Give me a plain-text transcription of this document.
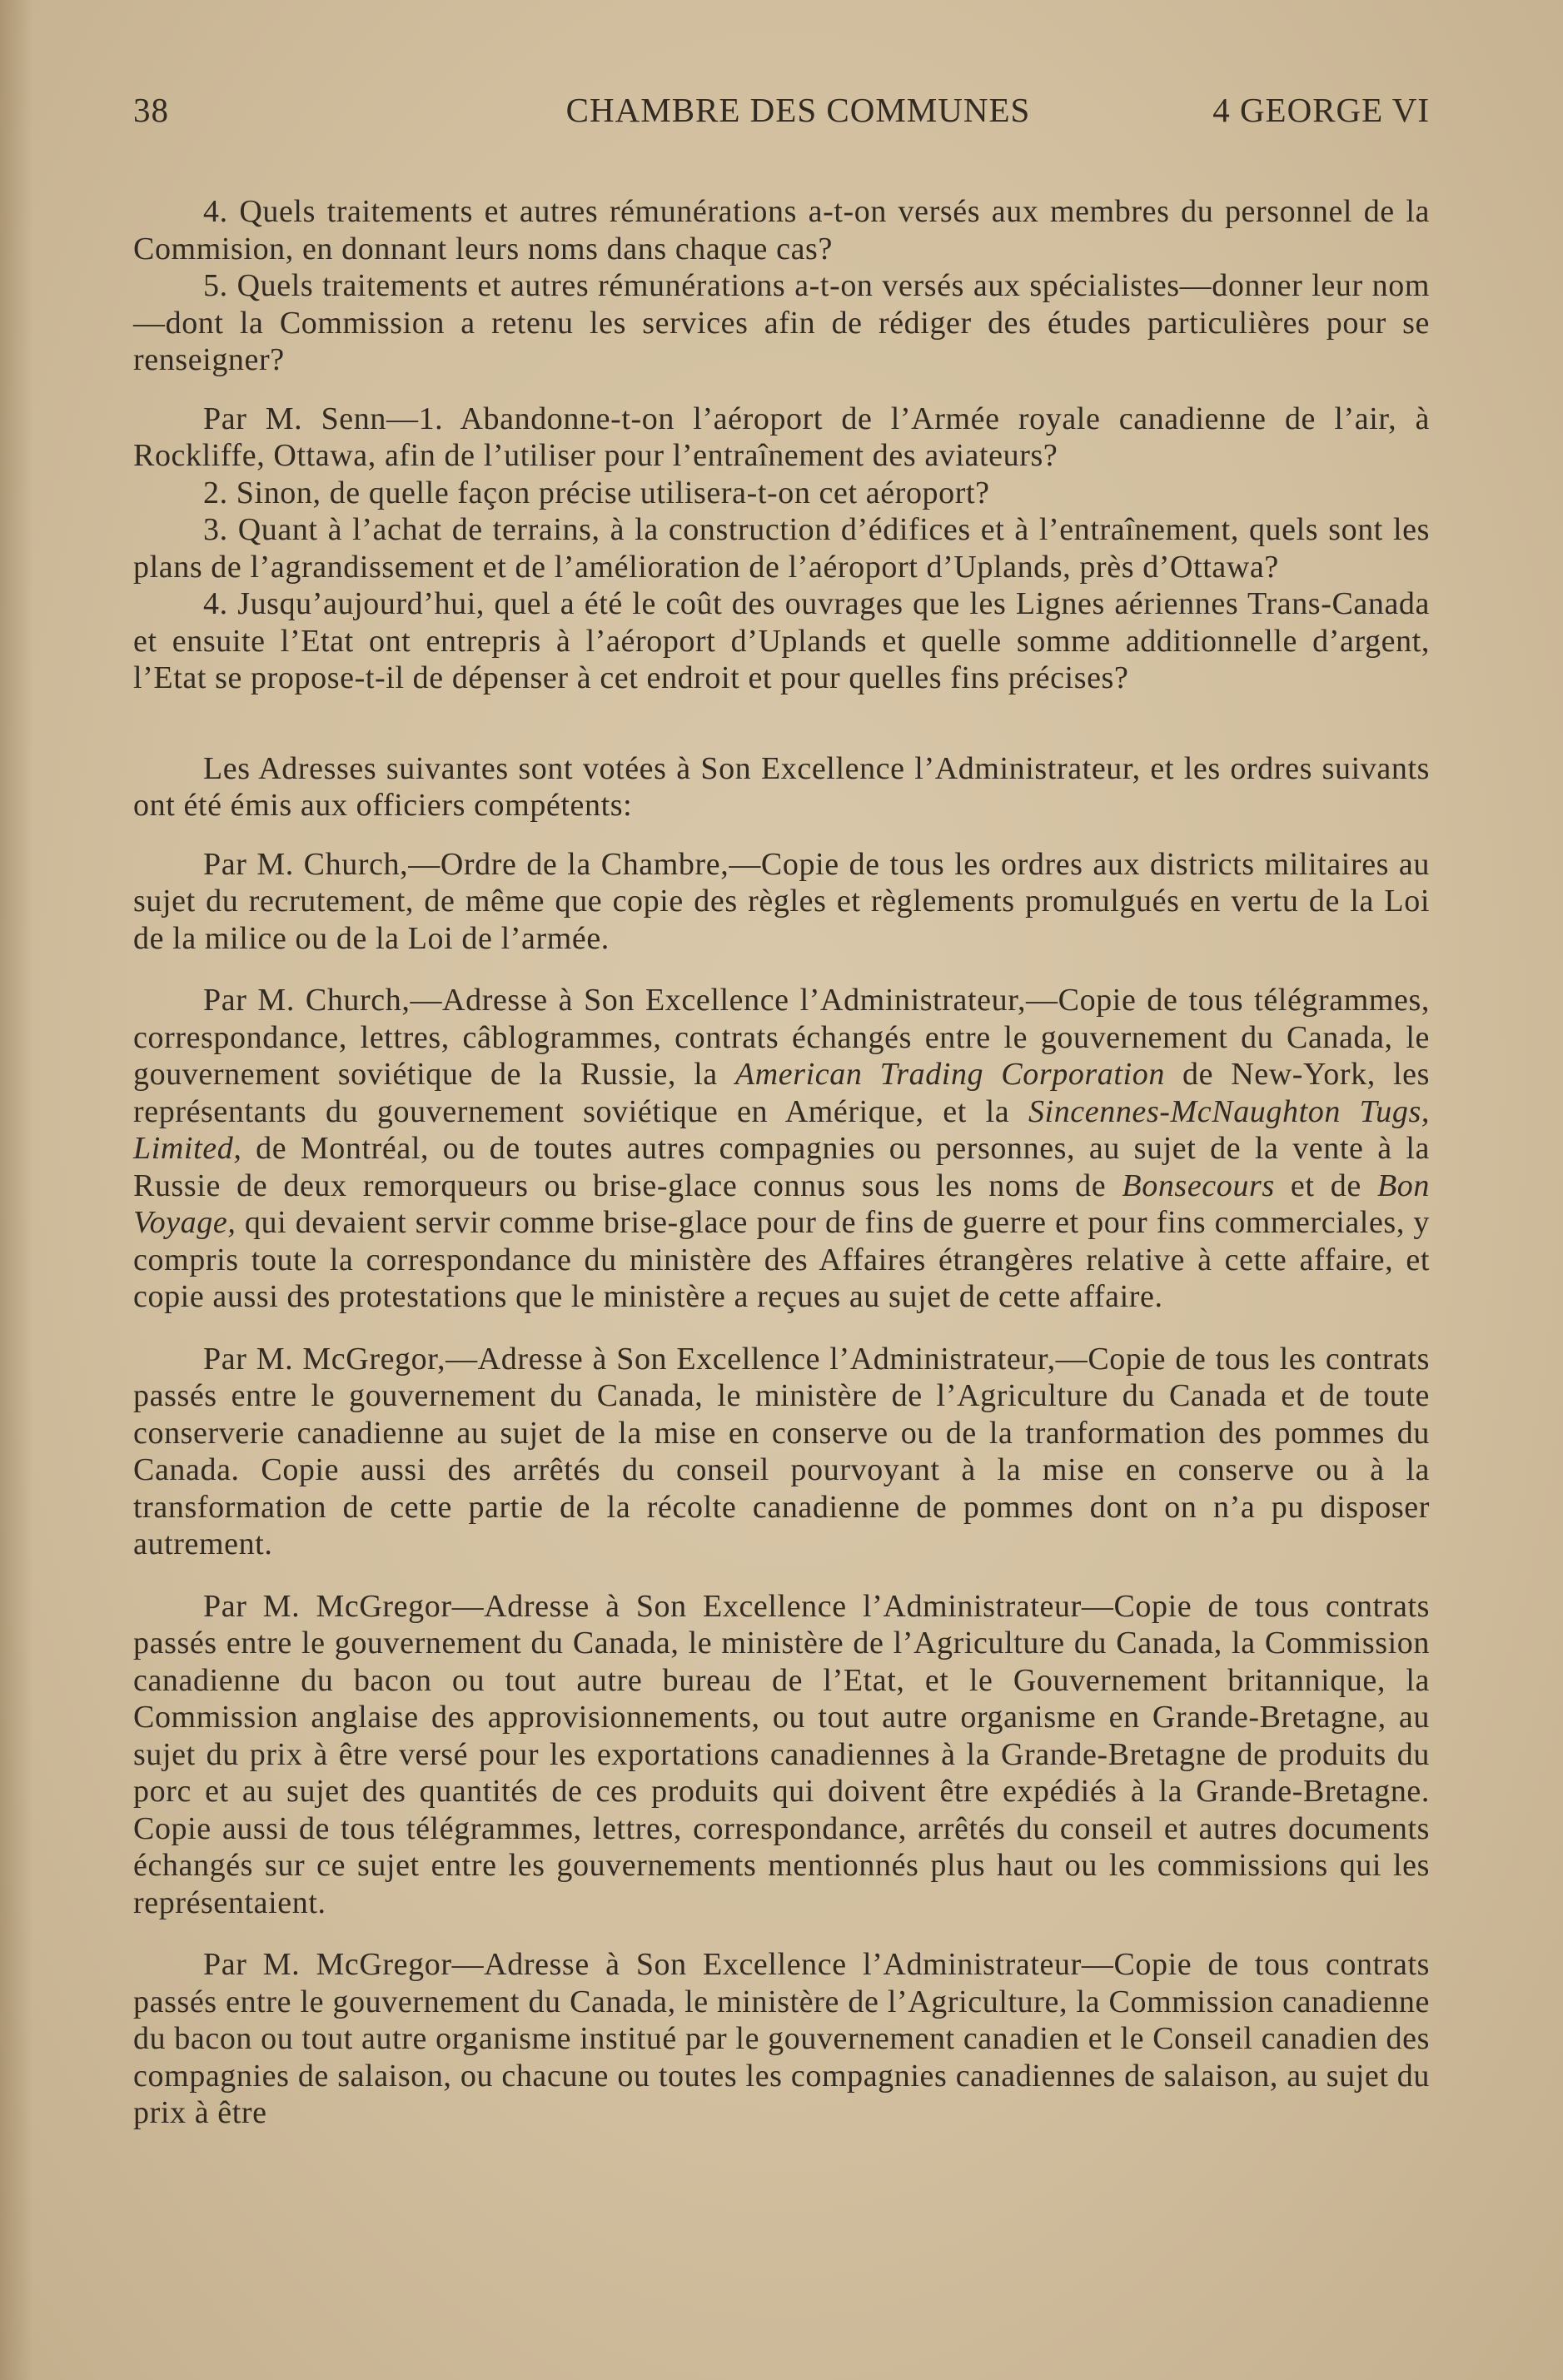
38	CHAMBRE DES COMMUNES	4 GEORGE VI

4. Quels traitements et autres rémunérations a-t-on versés aux membres du personnel de la Commision, en donnant leurs noms dans chaque cas?

5. Quels traitements et autres rémunérations a-t-on versés aux spécialistes—donner leur nom—dont la Commission a retenu les services afin de rédiger des études particulières pour se renseigner?

Par M. Senn—1. Abandonne-t-on l’aéroport de l’Armée royale canadienne de l’air, à Rockliffe, Ottawa, afin de l’utiliser pour l’entraînement des aviateurs?

2. Sinon, de quelle façon précise utilisera-t-on cet aéroport?

3. Quant à l’achat de terrains, à la construction d’édifices et à l’entraînement, quels sont les plans de l’agrandissement et de l’amélioration de l’aéroport d’Uplands, près d’Ottawa?

4. Jusqu’aujourd’hui, quel a été le coût des ouvrages que les Lignes aériennes Trans-Canada et ensuite l’Etat ont entrepris à l’aéroport d’Uplands et quelle somme additionnelle d’argent, l’Etat se propose-t-il de dépenser à cet endroit et pour quelles fins précises?

Les Adresses suivantes sont votées à Son Excellence l’Administrateur, et les ordres suivants ont été émis aux officiers compétents:

Par M. Church,—Ordre de la Chambre,—Copie de tous les ordres aux districts militaires au sujet du recrutement, de même que copie des règles et règlements promulgués en vertu de la Loi de la milice ou de la Loi de l’armée.

Par M. Church,—Adresse à Son Excellence l’Administrateur,—Copie de tous télégrammes, correspondance, lettres, câblogrammes, contrats échangés entre le gouvernement du Canada, le gouvernement soviétique de la Russie, la American Trading Corporation de New-York, les représentants du gouvernement soviétique en Amérique, et la Sincennes-McNaughton Tugs, Limited, de Montréal, ou de toutes autres compagnies ou personnes, au sujet de la vente à la Russie de deux remorqueurs ou brise-glace connus sous les noms de Bonsecours et de Bon Voyage, qui devaient servir comme brise-glace pour de fins de guerre et pour fins commerciales, y compris toute la correspondance du ministère des Affaires étrangères relative à cette affaire, et copie aussi des protestations que le ministère a reçues au sujet de cette affaire.

Par M. McGregor,—Adresse à Son Excellence l’Administrateur,—Copie de tous les contrats passés entre le gouvernement du Canada, le ministère de l’Agriculture du Canada et de toute conserverie canadienne au sujet de la mise en conserve ou de la tranformation des pommes du Canada. Copie aussi des arrêtés du conseil pourvoyant à la mise en conserve ou à la transformation de cette partie de la récolte canadienne de pommes dont on n’a pu disposer autrement.

Par M. McGregor—Adresse à Son Excellence l’Administrateur—Copie de tous contrats passés entre le gouvernement du Canada, le ministère de l’Agriculture du Canada, la Commission canadienne du bacon ou tout autre bureau de l’Etat, et le Gouvernement britannique, la Commission anglaise des approvisionnements, ou tout autre organisme en Grande-Bretagne, au sujet du prix à être versé pour les exportations canadiennes à la Grande-Bretagne de produits du porc et au sujet des quantités de ces produits qui doivent être expédiés à la Grande-Bretagne. Copie aussi de tous télégrammes, lettres, correspondance, arrêtés du conseil et autres documents échangés sur ce sujet entre les gouvernements mentionnés plus haut ou les commissions qui les représentaient.

Par M. McGregor—Adresse à Son Excellence l’Administrateur—Copie de tous contrats passés entre le gouvernement du Canada, le ministère de l’Agriculture, la Commission canadienne du bacon ou tout autre organisme institué par le gouvernement canadien et le Conseil canadien des compagnies de salaison, ou chacune ou toutes les compagnies canadiennes de salaison, au sujet du prix à être
